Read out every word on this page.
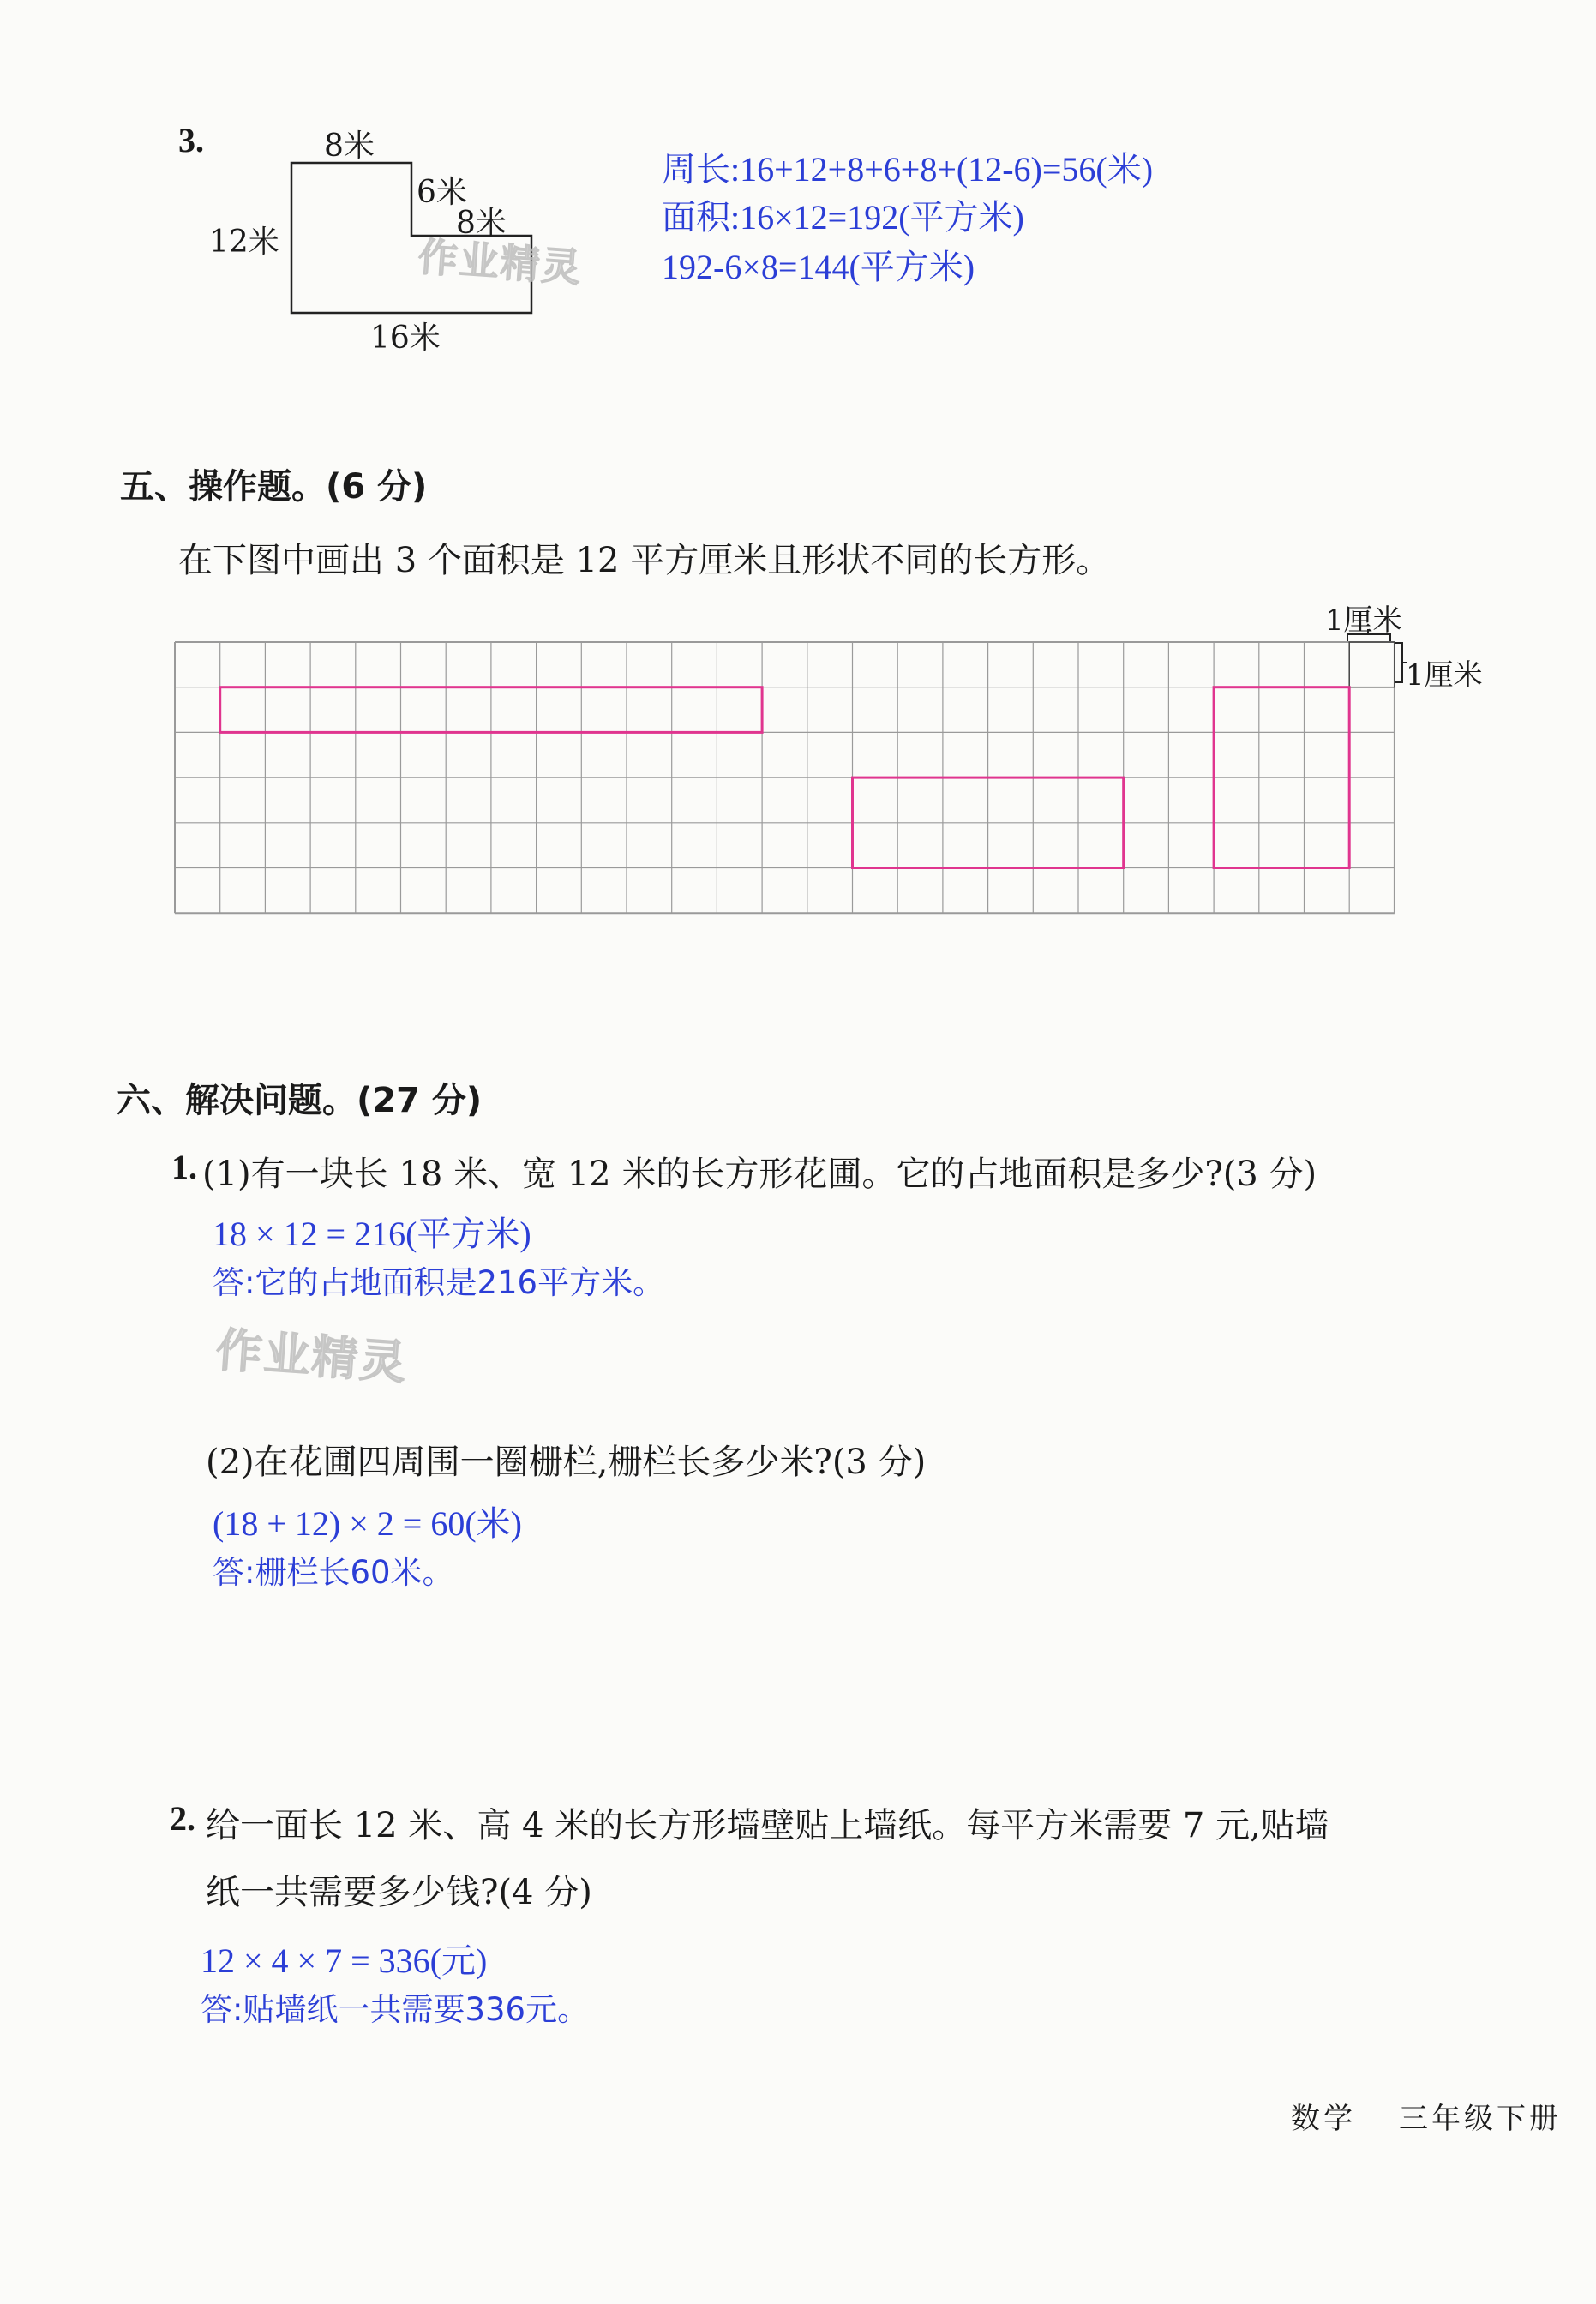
3.	8米
6米
8米
12米
16米
作业精灵
周长:16+12+8+6+8+(12-6)=56(米)
面积:16×12=192(平方米)
192-6×8=144(平方米)
五、操作题。(6 分)
在下图中画出 3 个面积是 12 平方厘米且形状不同的长方形。
1厘米
1厘米
六、解决问题。(27 分)
1. (1)有一块长 18 米、宽 12 米的长方形花圃。它的占地面积是多少?(3 分)
18 × 12 = 216(平方米)
答:它的占地面积是216平方米。
作业精灵
(2)在花圃四周围一圈栅栏,栅栏长多少米?(3 分)
(18 + 12) × 2 = 60(米)
答:栅栏长60米。
2. 给一面长 12 米、高 4 米的长方形墙壁贴上墙纸。每平方米需要 7 元,贴墙
纸一共需要多少钱?(4 分)
12 × 4 × 7 = 336(元)
答:贴墙纸一共需要336元。
数学 三年级下册
